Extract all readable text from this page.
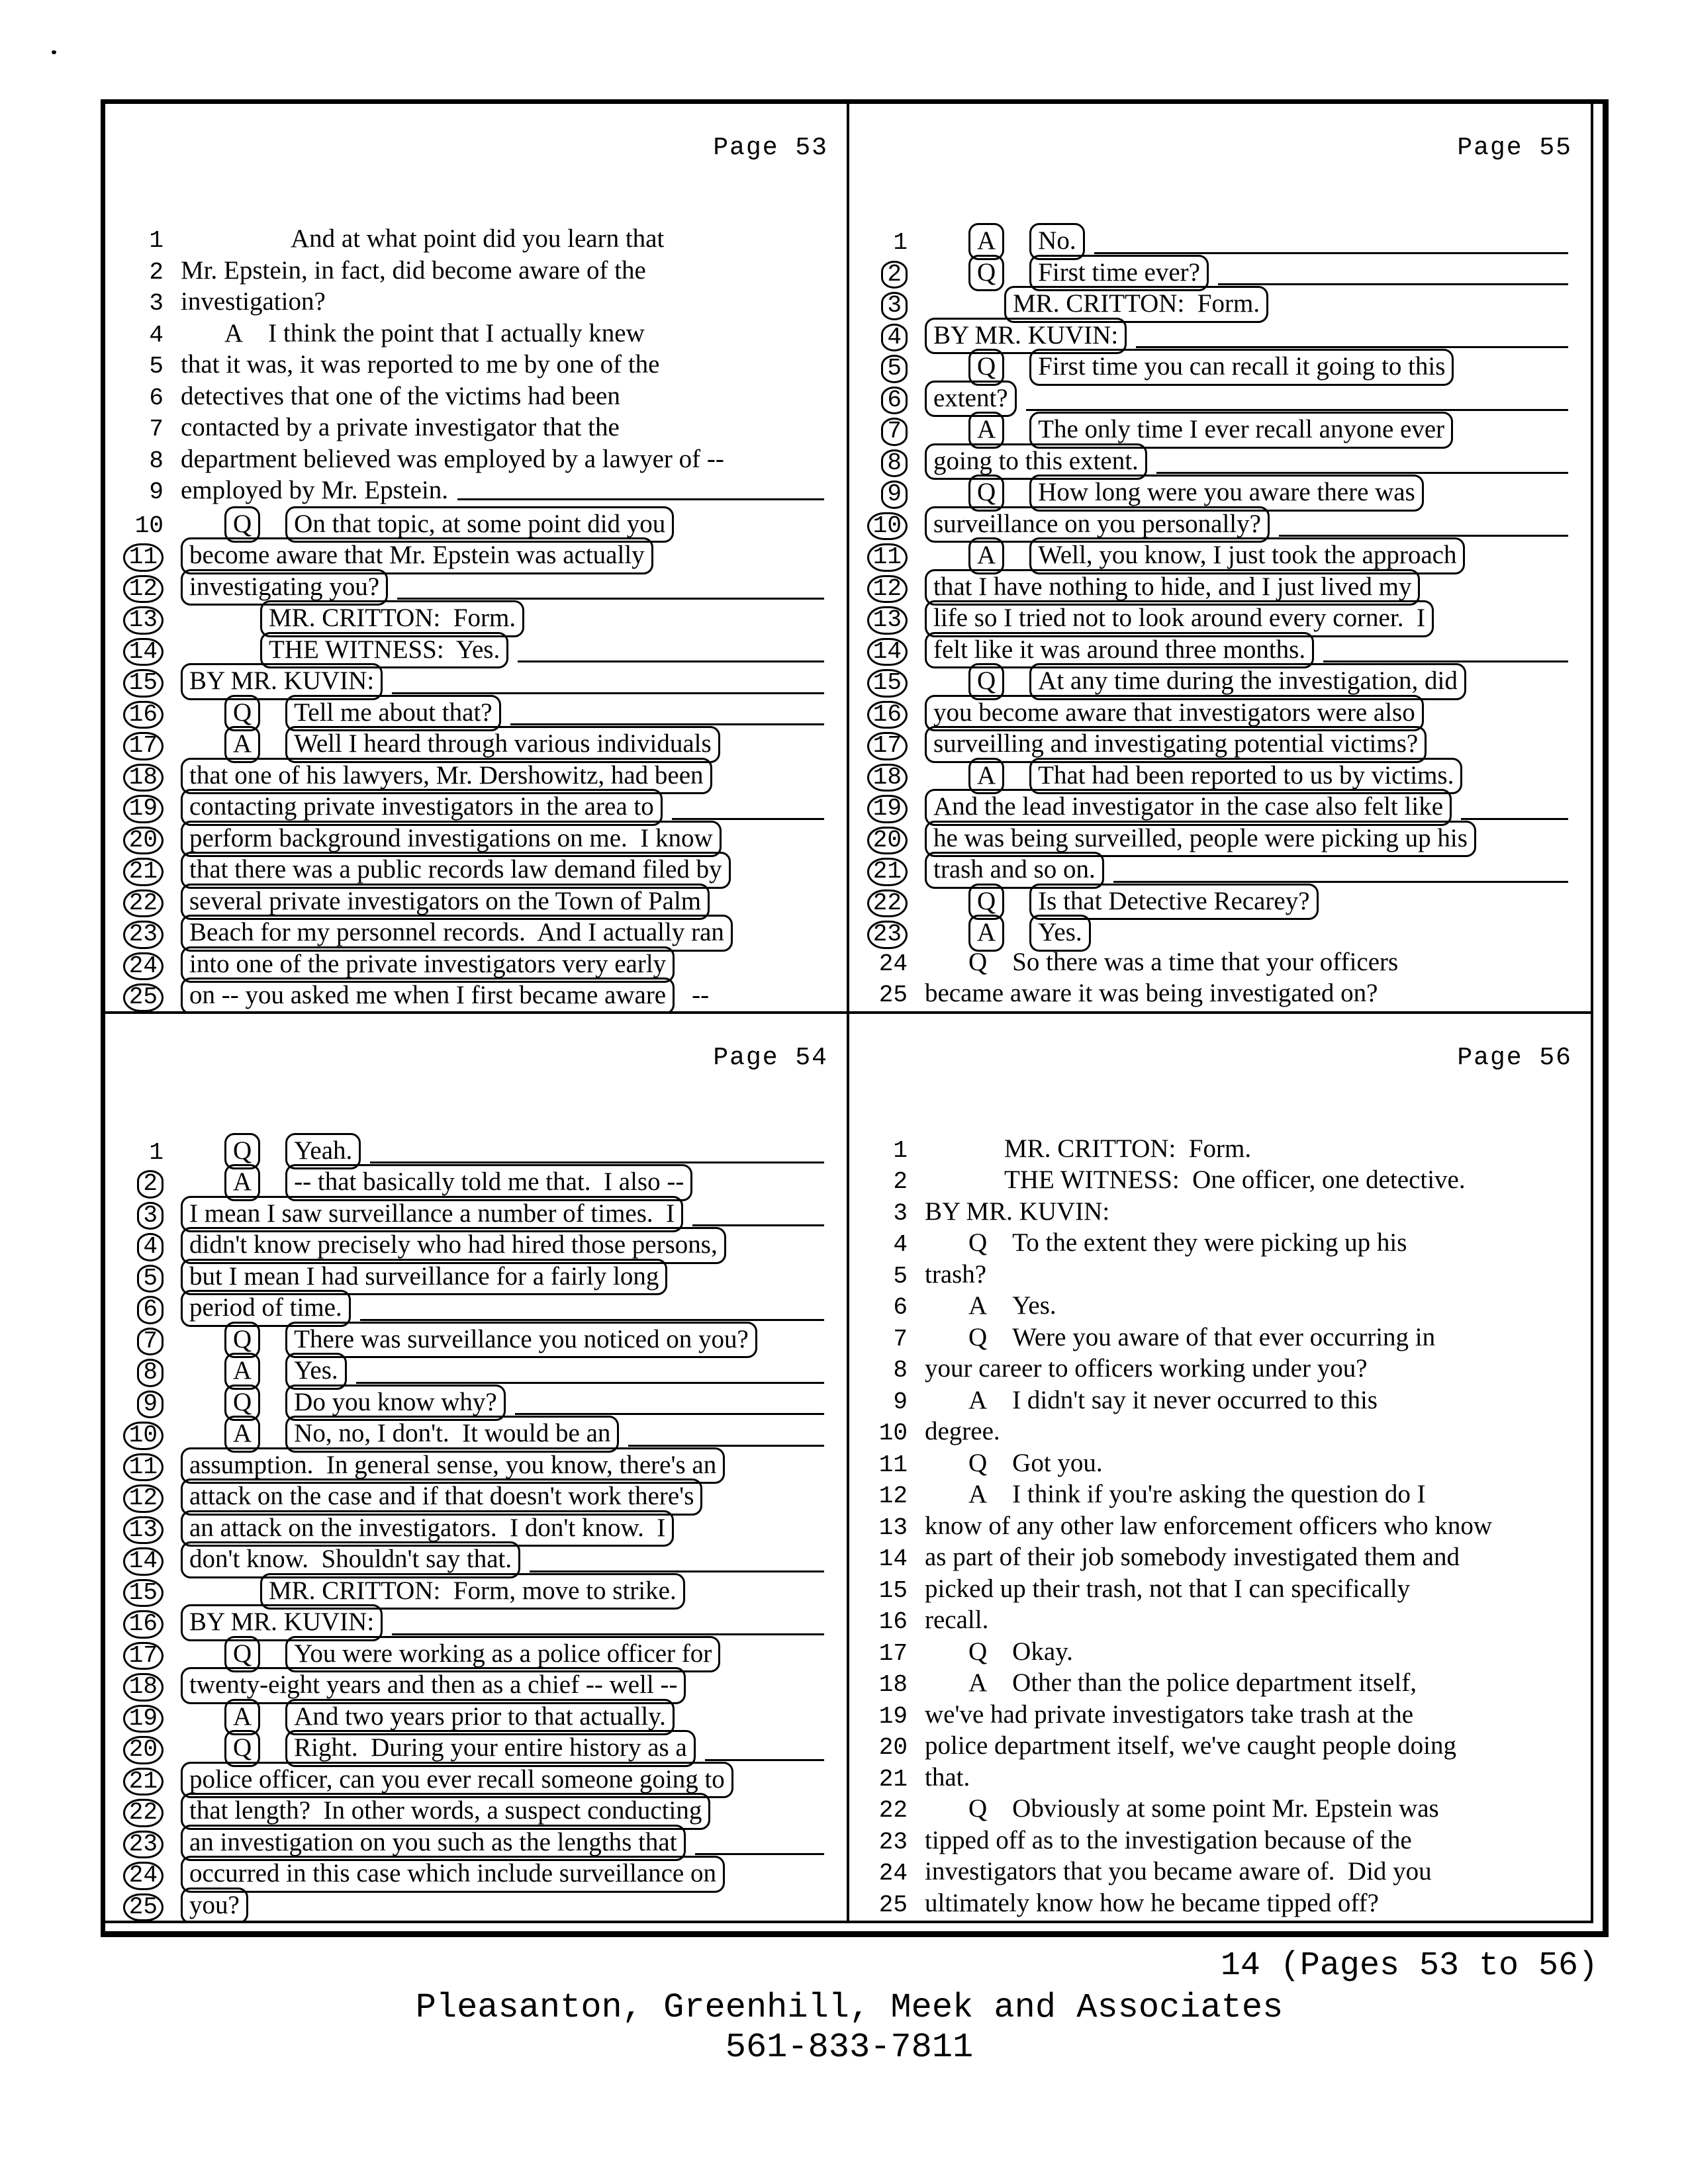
Page 53
1	And at what point did you learn that
2 Mr. Epstein, in fact, did become aware of the
3 investigation?
4 A I think the point that I actually knew
5 that it was, it was reported to me by one of the
6 detectives that one of the victims had been
7 contacted by a private investigator that the
8 department believed was employed by a lawyer of --
9 employed by Mr. Epstein.
10	Q	On that topic, at some point did you
11	become aware that Mr. Epstein was actually
12	investigating you?
13	MR. CRITTON:  Form.
14	THE WITNESS:  Yes.
15	BY MR. KUVIN:
16	Q	Tell me about that?
17	A	Well I heard through various individuals
18	that one of his lawyers, Mr. Dershowitz, had been
19	contacting private investigators in the area to
20	perform background investigations on me.  I know
21	that there was a public records law demand filed by
22	several private investigators on the Town of Palm
23	Beach for my personnel records.  And I actually ran
24	into one of the private investigators very early
25	on -- you asked me when I first became aware	--
Page 55
1	A	No.
2	Q	First time ever?
3	MR. CRITTON:  Form.
4	BY MR. KUVIN:
5	Q	First time you can recall it going to this
6	extent?
7	A	The only time I ever recall anyone ever
8	going to this extent.
9	Q	How long were you aware there was
10	surveillance on you personally?
11	A	Well, you know, I just took the approach
12	that I have nothing to hide, and I just lived my
13	life so I tried not to look around every corner.  I
14	felt like it was around three months.
15	Q	At any time during the investigation, did
16	you become aware that investigators were also
17	surveilling and investigating potential victims?
18	A	That had been reported to us by victims.
19	And the lead investigator in the case also felt like
20	he was being surveilled, people were picking up his
21	trash and so on.
22	Q	Is that Detective Recarey?
23	A	Yes.
24 Q So there was a time that your officers
25 became aware it was being investigated on?
Page 54
1	Q	Yeah.
2	A	-- that basically told me that.  I also --
3	I mean I saw surveillance a number of times.  I
4	didn't know precisely who had hired those persons,
5	but I mean I had surveillance for a fairly long
6	period of time.
7	Q	There was surveillance you noticed on you?
8	A	Yes.
9	Q	Do you know why?
10	A	No, no, I don't.  It would be an
11	assumption.  In general sense, you know, there's an
12	attack on the case and if that doesn't work there's
13	an attack on the investigators.  I don't know.  I
14	don't know.  Shouldn't say that.
15	MR. CRITTON:  Form, move to strike.
16	BY MR. KUVIN:
17	Q	You were working as a police officer for
18	twenty-eight years and then as a chief -- well --
19	A	And two years prior to that actually.
20	Q	Right.  During your entire history as a
21	police officer, can you ever recall someone going to
22	that length?  In other words, a suspect conducting
23	an investigation on you such as the lengths that
24	occurred in this case which include surveillance on
25	you?
Page 56
1	MR. CRITTON:  Form.
2	THE WITNESS:  One officer, one detective.
3 BY MR. KUVIN:
4 Q To the extent they were picking up his
5 trash?
6 A Yes.
7 Q Were you aware of that ever occurring in
8 your career to officers working under you?
9 A I didn't say it never occurred to this
10 degree.
11 Q Got you.
12 A I think if you're asking the question do I
13 know of any other law enforcement officers who know
14 as part of their job somebody investigated them and
15 picked up their trash, not that I can specifically
16 recall.
17 Q Okay.
18 A Other than the police department itself,
19 we've had private investigators take trash at the
20 police department itself, we've caught people doing
21 that.
22 Q Obviously at some point Mr. Epstein was
23 tipped off as to the investigation because of the
24 investigators that you became aware of.  Did you
25 ultimately know how he became tipped off?
14 (Pages 53 to 56)
Pleasanton, Greenhill, Meek and Associates
561-833-7811
